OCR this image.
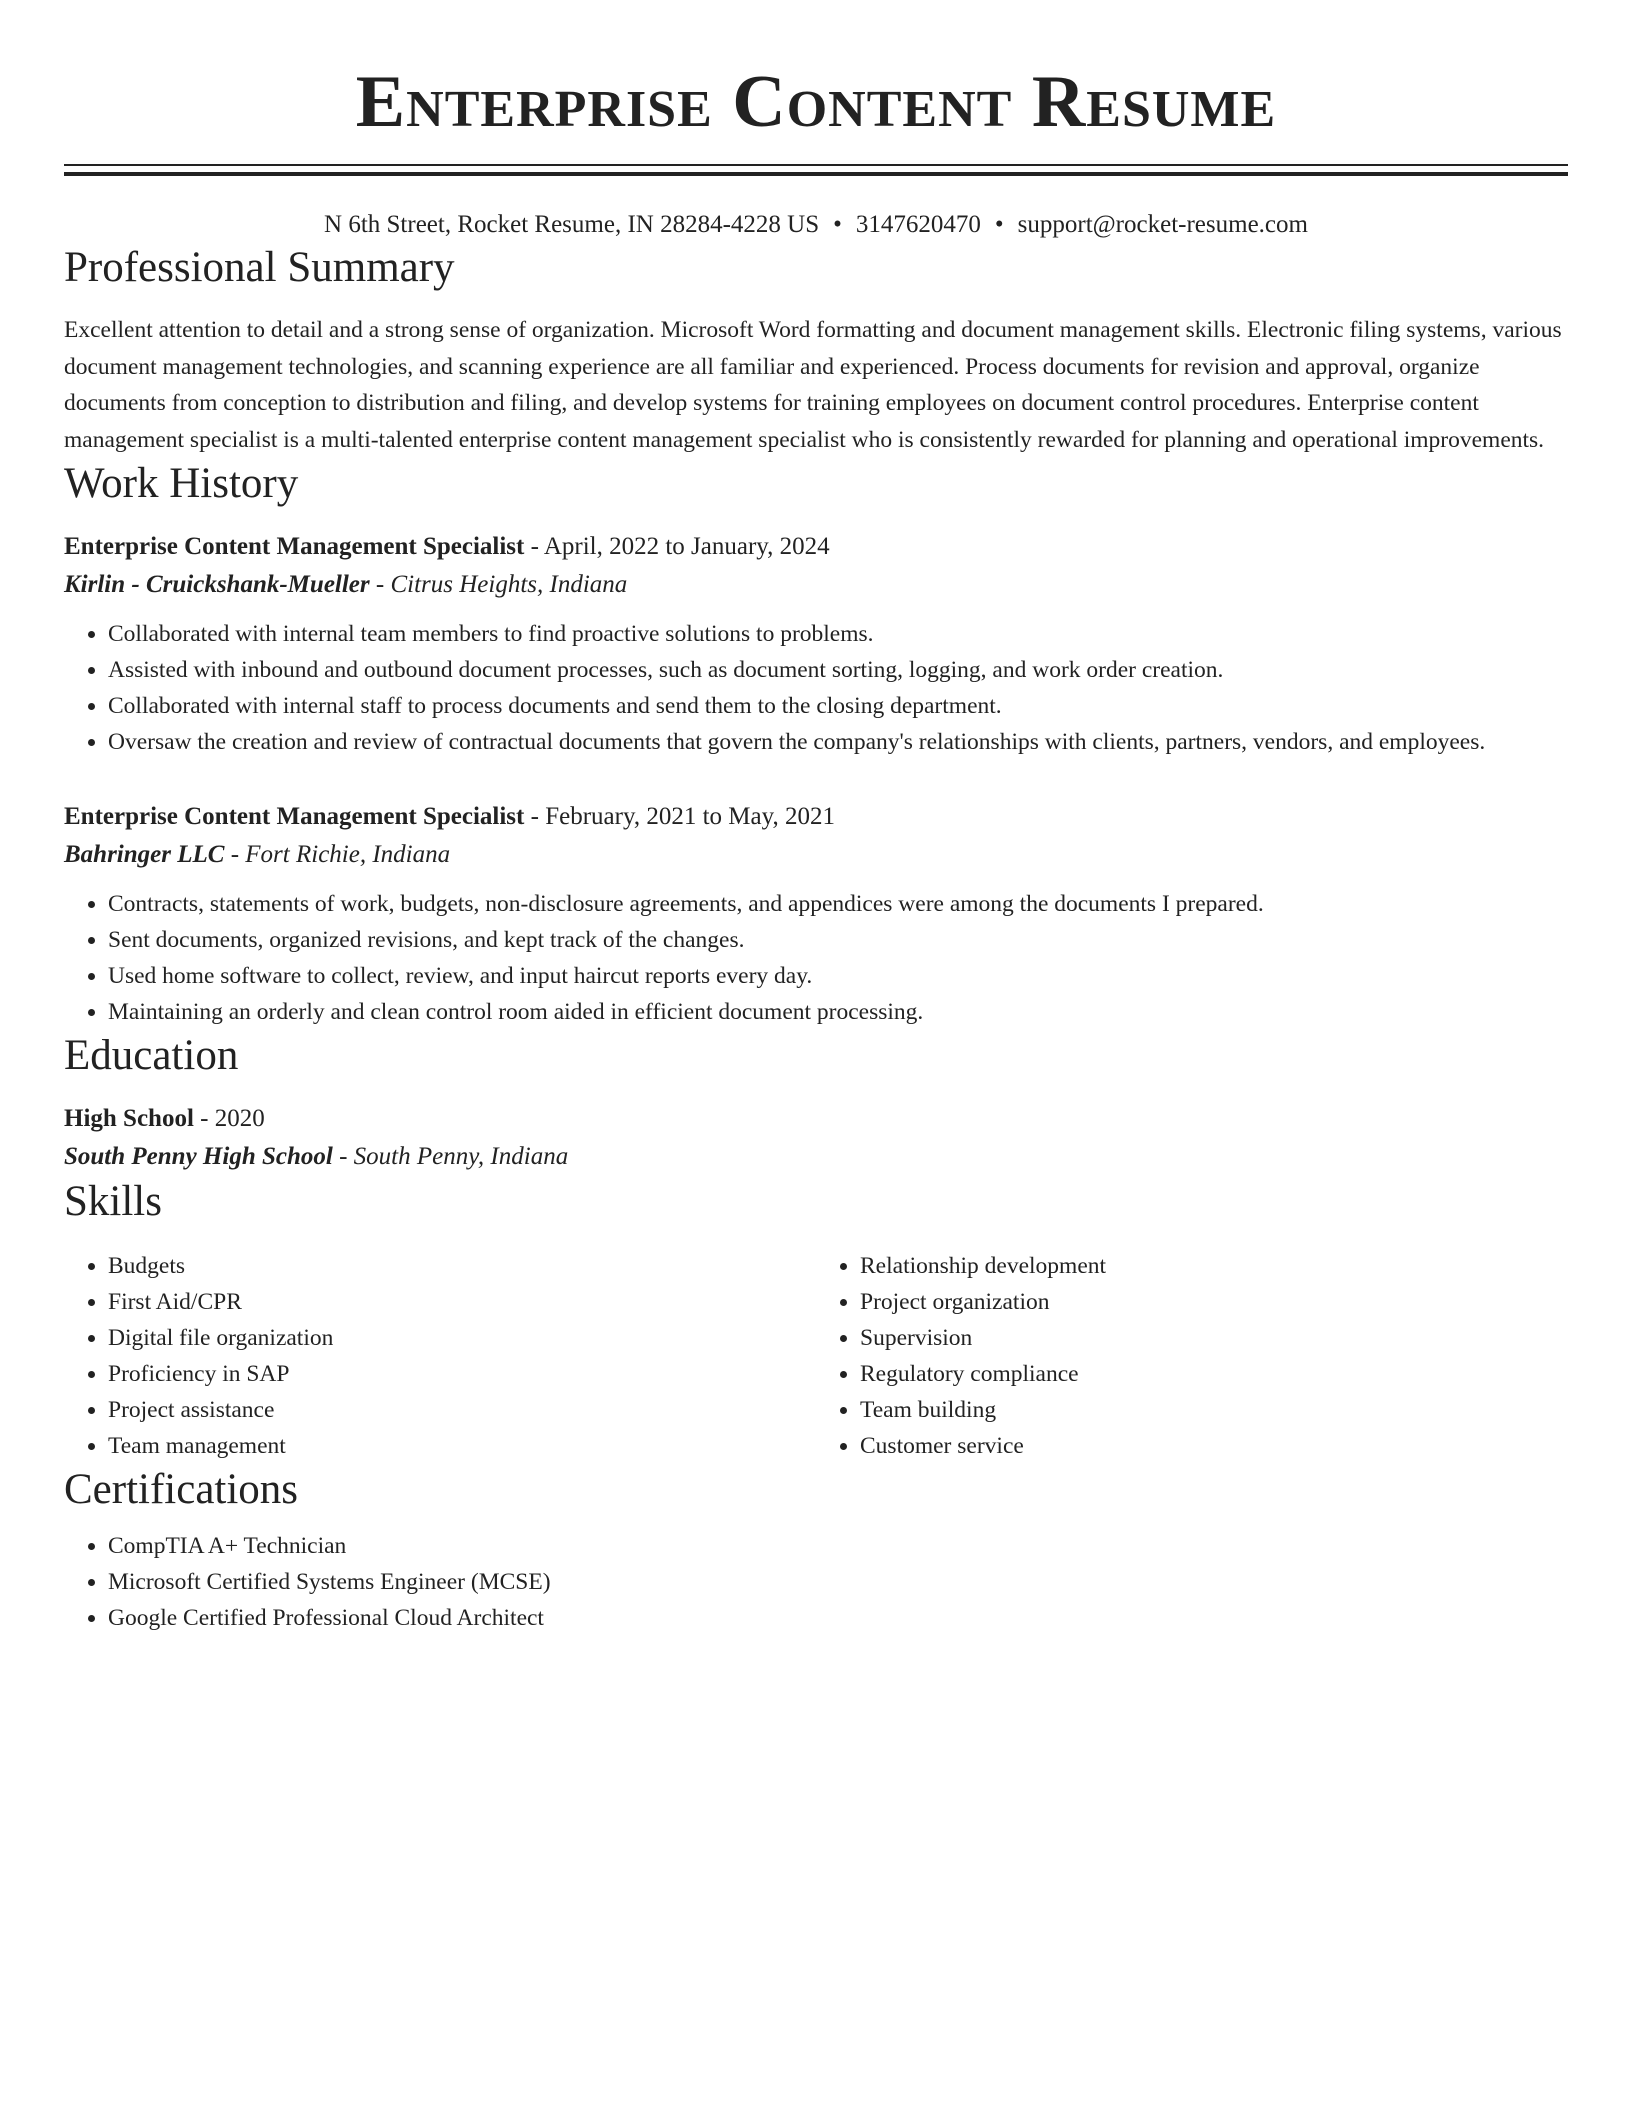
Enterprise Content Resume
N 6th Street, Rocket Resume, IN 28284-4228 US • 3147620470 • support@rocket-resume.com
Professional Summary

Excellent attention to detail and a strong sense of organization. Microsoft Word formatting and document management skills. Electronic filing systems, various document management technologies, and scanning experience are all familiar and experienced. Process documents for revision and approval, organize documents from conception to distribution and filing, and develop systems for training employees on document control procedures. Enterprise content management specialist is a multi-talented enterprise content management specialist who is consistently rewarded for planning and operational improvements.

Work History
Enterprise Content Management Specialist - April, 2022 to January, 2024
Kirlin - Cruickshank-Mueller - Citrus Heights, Indiana
• Collaborated with internal team members to find proactive solutions to problems.
• Assisted with inbound and outbound document processes, such as document sorting, logging, and work order creation.
• Collaborated with internal staff to process documents and send them to the closing department.
• Oversaw the creation and review of contractual documents that govern the company's relationships with clients, partners, vendors, and employees.
Enterprise Content Management Specialist - February, 2021 to May, 2021
Bahringer LLC - Fort Richie, Indiana
• Contracts, statements of work, budgets, non-disclosure agreements, and appendices were among the documents I prepared.
• Sent documents, organized revisions, and kept track of the changes.
• Used home software to collect, review, and input haircut reports every day.
• Maintaining an orderly and clean control room aided in efficient document processing.
Education
High School - 2020
South Penny High School - South Penny, Indiana
Skills
• Budgets
• First Aid/CPR
• Digital file organization
• Proficiency in SAP
• Project assistance
• Team management
• Relationship development
• Project organization
• Supervision
• Regulatory compliance
• Team building
• Customer service
Certifications
• CompTIA A+ Technician
• Microsoft Certified Systems Engineer (MCSE)
• Google Certified Professional Cloud Architect
